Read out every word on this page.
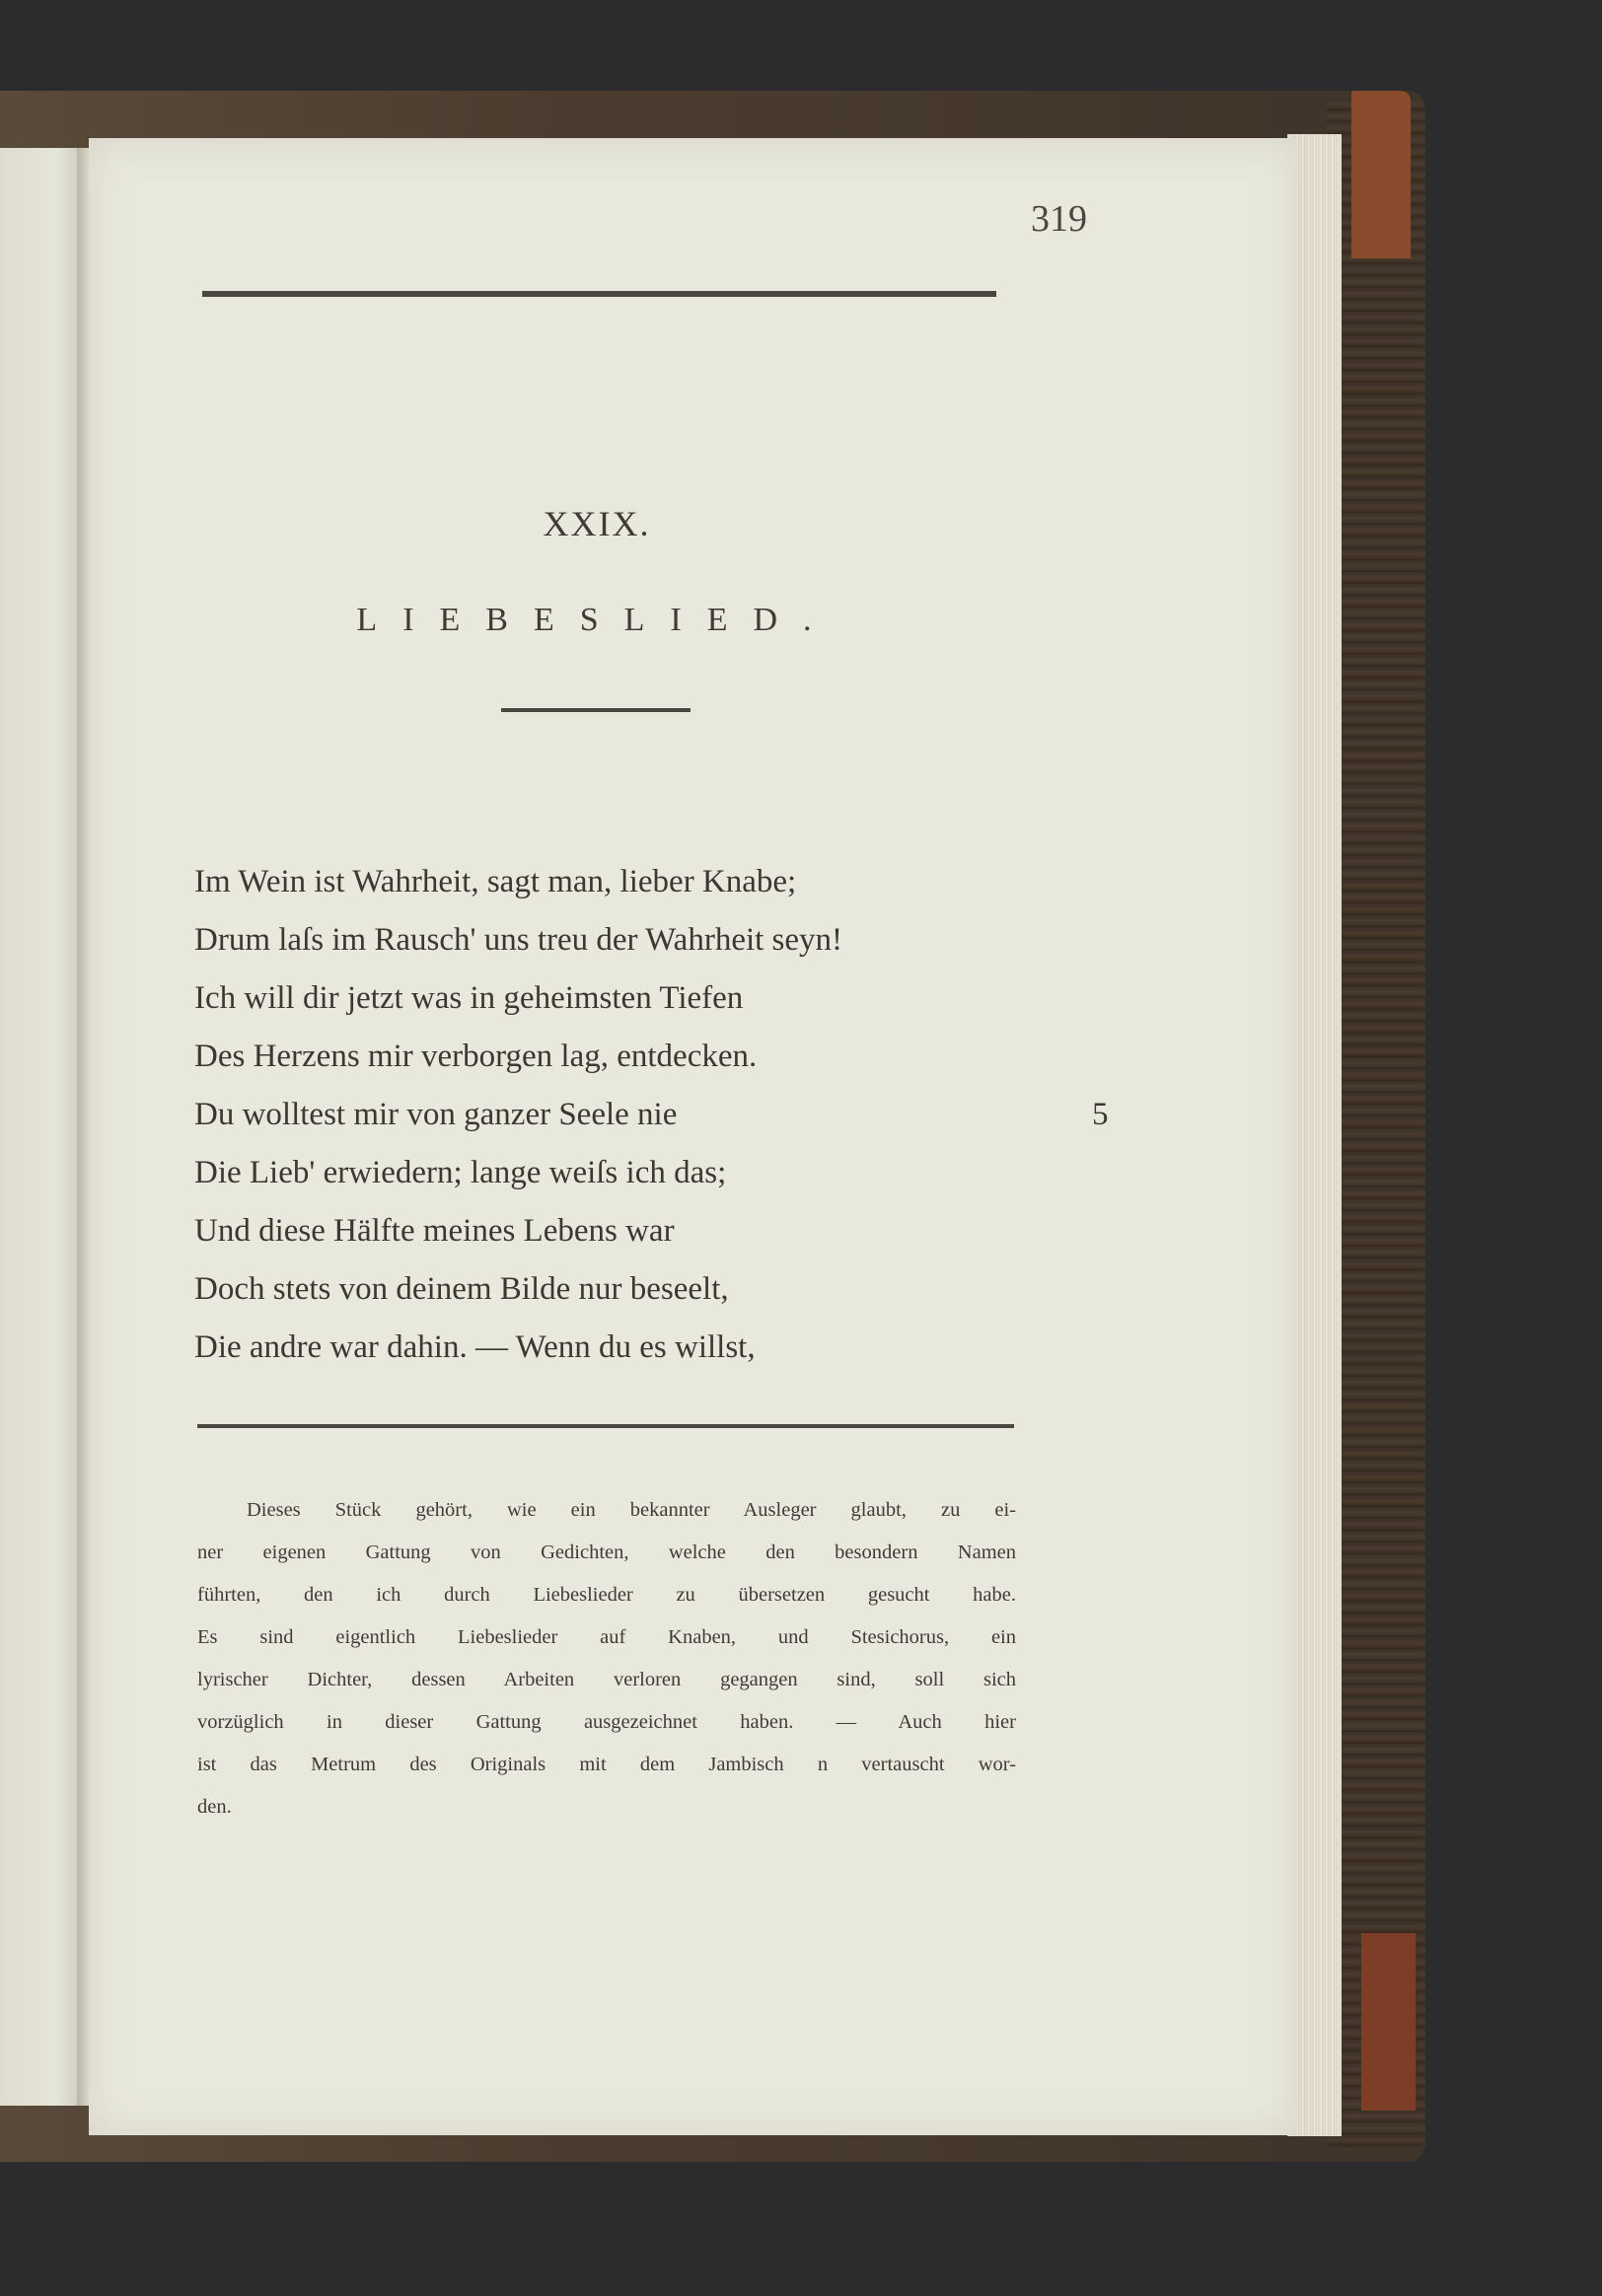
319
XXIX.
LIEBESLIED.
Im Wein ist Wahrheit, sagt man, lieber Knabe;
Drum laſs im Rausch' uns treu der Wahrheit seyn!
Ich will dir jetzt was in geheimsten Tiefen
Des Herzens mir verborgen lag, entdecken.
Du wolltest mir von ganzer Seele nie	5
Die Lieb' erwiedern; lange weiſs ich das;
Und diese Hälfte meines Lebens war
Doch stets von deinem Bilde nur beseelt,
Die andre war dahin. — Wenn du es willst,
Dieses Stück gehört, wie ein bekannter Ausleger glaubt, zu ei-
ner eigenen Gattung von Gedichten, welche den besondern Namen
führten, den ich durch Liebeslieder zu übersetzen gesucht habe.
Es sind eigentlich Liebeslieder auf Knaben, und Stesichorus, ein
lyrischer Dichter, dessen Arbeiten verloren gegangen sind, soll sich
vorzüglich in dieser Gattung ausgezeichnet haben. — Auch hier
ist das Metrum des Originals mit dem Jambisch n vertauscht wor-
den.
